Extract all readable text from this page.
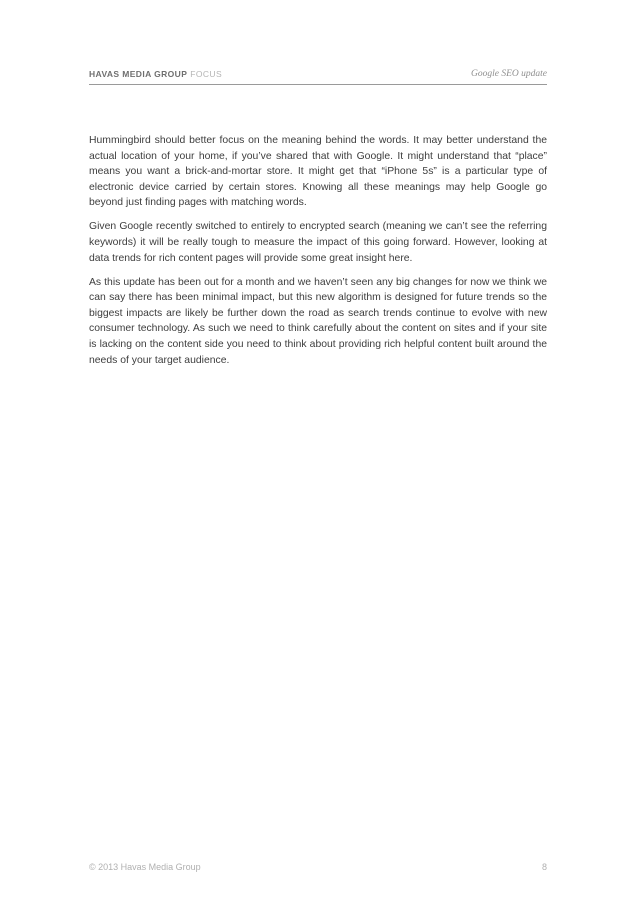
HAVAS MEDIA GROUP FOCUS	Google SEO update

Hummingbird should better focus on the meaning behind the words. It may better understand the actual location of your home, if you’ve shared that with Google. It might understand that “place” means you want a brick-and-mortar store. It might get that “iPhone 5s” is a particular type of electronic device carried by certain stores. Knowing all these meanings may help Google go beyond just finding pages with matching words.

Given Google recently switched to entirely to encrypted search (meaning we can’t see the referring keywords) it will be really tough to measure the impact of this going forward. However, looking at data trends for rich content pages will provide some great insight here.

As this update has been out for a month and we haven’t seen any big changes for now we think we can say there has been minimal impact, but this new algorithm is designed for future trends so the biggest impacts are likely be further down the road as search trends continue to evolve with new consumer technology. As such we need to think carefully about the content on sites and if your site is lacking on the content side you need to think about providing rich helpful content built around the needs of your target audience.

© 2013 Havas Media Group	8
